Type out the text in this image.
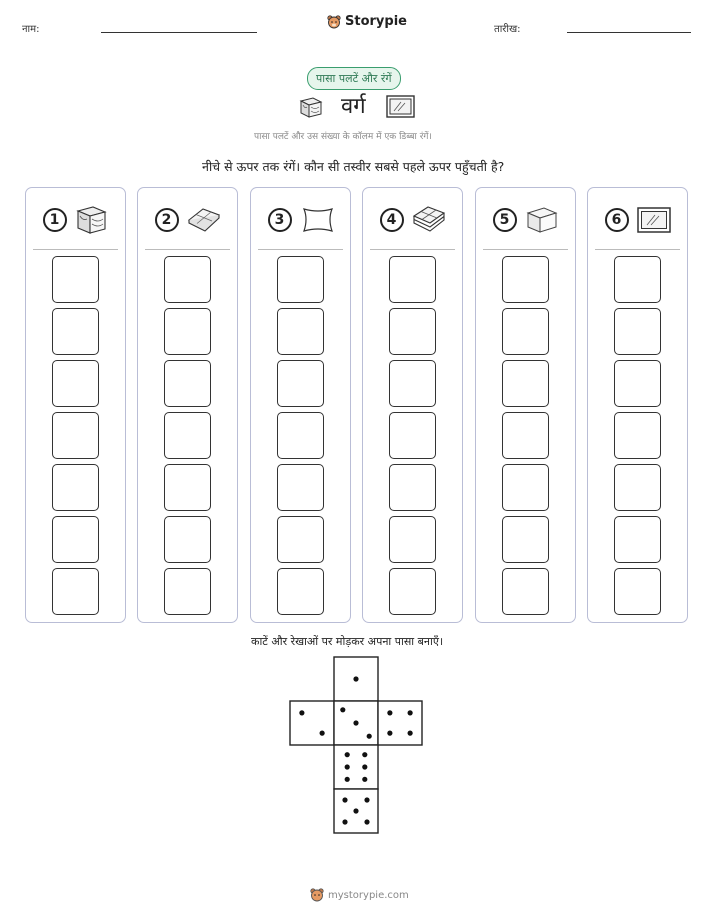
नाम:
Storypie
तारीख:
पासा पलटें और रंगें
वर्ग
पासा पलटें और उस संख्या के कॉलम में एक डिब्बा रंगें।
नीचे से ऊपर तक रंगें। कौन सी तस्वीर सबसे पहले ऊपर पहुँचती है?
1	2	3	4	5	6
काटें और रेखाओं पर मोड़कर अपना पासा बनाएँ।
mystorypie.com
